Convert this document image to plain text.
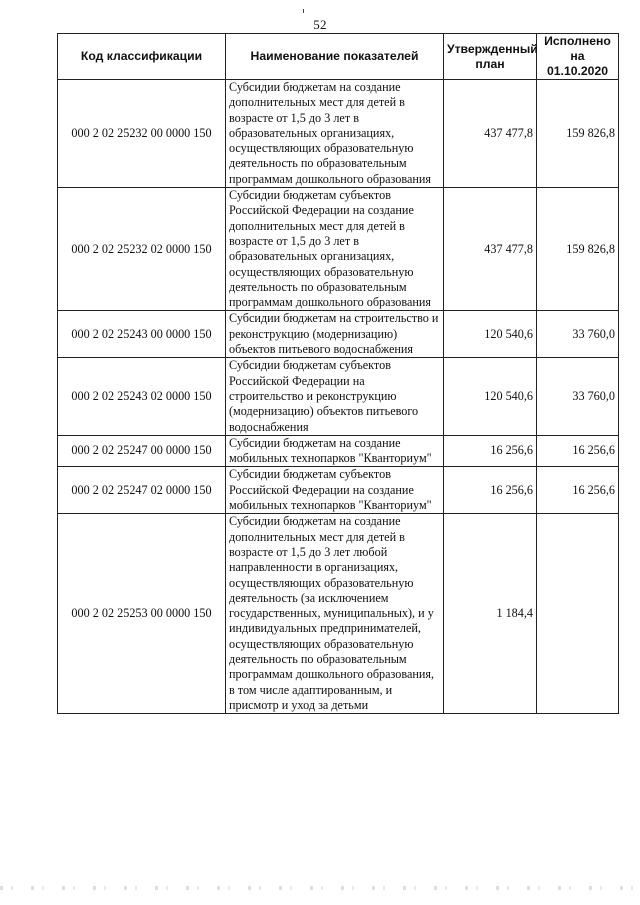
52
Код классификации	Наименование показателей	Утвержденный план	Исполнено на 01.10.2020
000 2 02 25232 00 0000 150	Субсидии бюджетам на создание дополнительных мест для детей в возрасте от 1,5 до 3 лет в образовательных организациях, осуществляющих образовательную деятельность по образовательным программам дошкольного образования	437 477,8	159 826,8
000 2 02 25232 02 0000 150	Субсидии бюджетам субъектов Российской Федерации на создание дополнительных мест для детей в возрасте от 1,5 до 3 лет в образовательных организациях, осуществляющих образовательную деятельность по образовательным программам дошкольного образования	437 477,8	159 826,8
000 2 02 25243 00 0000 150	Субсидии бюджетам на строительство и реконструкцию (модернизацию) объектов питьевого водоснабжения	120 540,6	33 760,0
000 2 02 25243 02 0000 150	Субсидии бюджетам субъектов Российской Федерации на строительство и реконструкцию (модернизацию) объектов питьевого водоснабжения	120 540,6	33 760,0
000 2 02 25247 00 0000 150	Субсидии бюджетам на создание мобильных технопарков "Кванториум"	16 256,6	16 256,6
000 2 02 25247 02 0000 150	Субсидии бюджетам субъектов Российской Федерации на создание мобильных технопарков "Кванториум"	16 256,6	16 256,6
000 2 02 25253 00 0000 150	Субсидии бюджетам на создание дополнительных мест для детей в возрасте от 1,5 до 3 лет любой направленности в организациях, осуществляющих образовательную деятельность (за исключением государственных, муниципальных), и у индивидуальных предпринимателей, осуществляющих образовательную деятельность по образовательным программам дошкольного образования, в том числе адаптированным, и присмотр и уход за детьми	1 184,4	
